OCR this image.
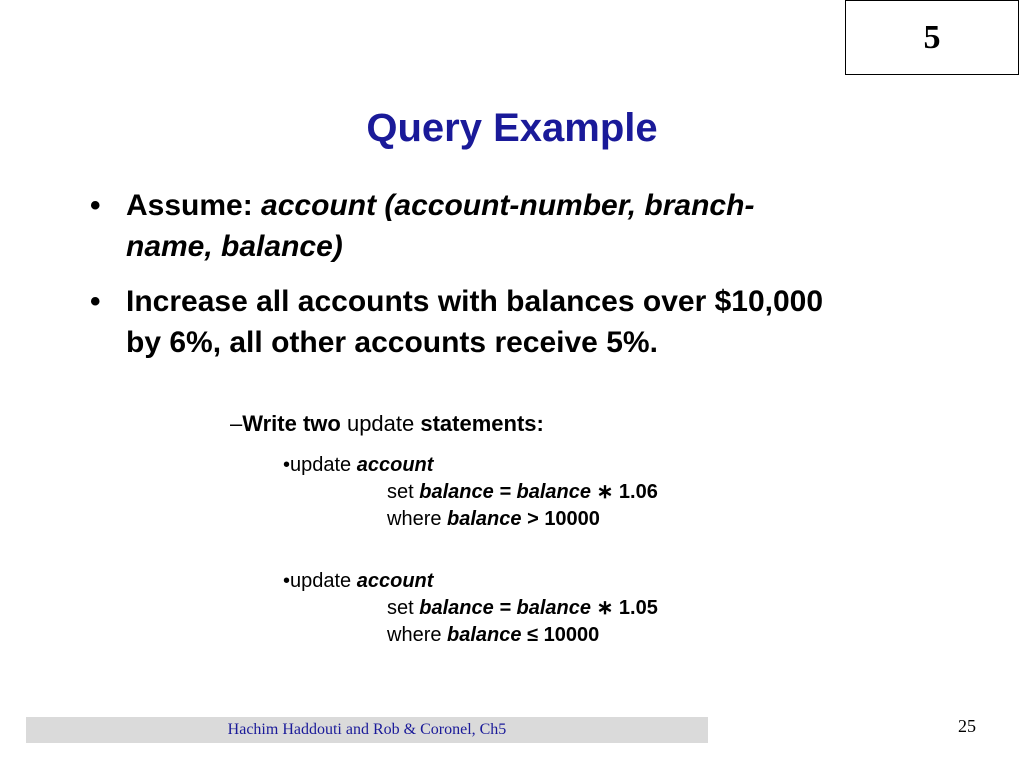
5
Query Example
• Assume: account (account-number, branch-
name, balance)
• Increase all accounts with balances over $10,000
by 6%, all other accounts receive 5%.
–Write two update statements:
•update account
set balance = balance ∗ 1.06
where balance > 10000
•update account
set balance = balance ∗ 1.05
where balance ≤ 10000
Hachim Haddouti and Rob & Coronel, Ch5	25
